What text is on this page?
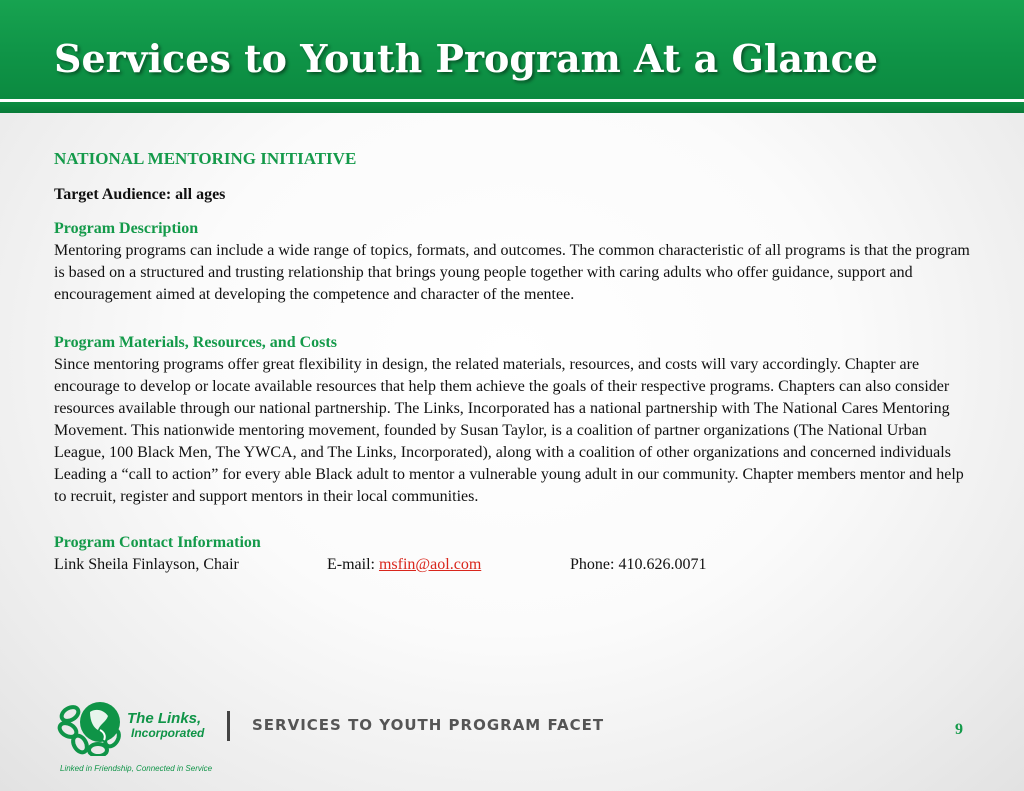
Services to Youth Program At a Glance
NATIONAL MENTORING INITIATIVE
Target Audience: all ages
Program Description

Mentoring programs can include a wide range of topics, formats, and outcomes. The common characteristic of all programs is that the program is based on a structured and trusting relationship that brings young people together with caring adults who offer guidance, support and encouragement aimed at developing the competence and character of the mentee.

Program Materials, Resources, and Costs

Since mentoring programs offer great flexibility in design, the related materials, resources, and costs will vary accordingly. Chapter are encourage to develop or locate available resources that help them achieve the goals of their respective programs. Chapters can also consider resources available through our national partnership. The Links, Incorporated has a national partnership with The National Cares Mentoring Movement. This nationwide mentoring movement, founded by Susan Taylor, is a coalition of partner organizations (The National Urban League, 100 Black Men, The YWCA, and The Links, Incorporated), along with a coalition of other organizations and concerned individuals Leading a “call to action” for every able Black adult to mentor a vulnerable young adult in our community. Chapter members mentor and help to recruit, register and support mentors in their local communities.

Program Contact Information
Link Sheila Finlayson, Chair	E-mail: msfin@aol.com	Phone: 410.626.0071
The Links,
Incorporated
Linked in Friendship, Connected in Service
SERVICES TO YOUTH PROGRAM FACET	9
